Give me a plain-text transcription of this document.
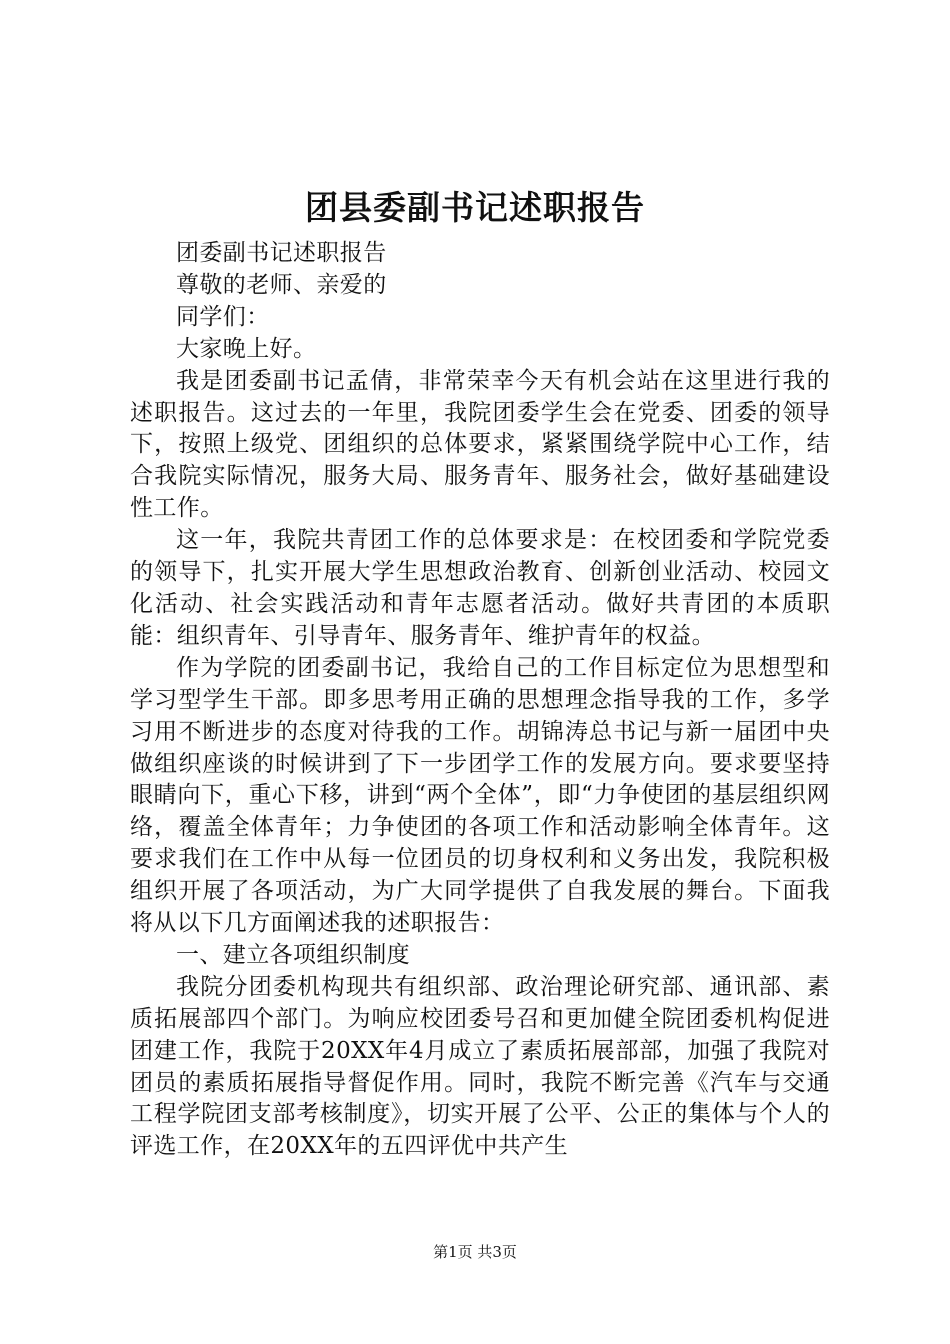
团县委副书记述职报告

团委副书记述职报告

尊敬的老师、亲爱的

同学们：

大家晚上好。

我是团委副书记孟倩，非常荣幸今天有机会站在这里进行我的述职报告。这过去的一年里，我院团委学生会在党委、团委的领导下，按照上级党、团组织的总体要求，紧紧围绕学院中心工作，结合我院实际情况，服务大局、服务青年、服务社会，做好基础建设性工作。

这一年，我院共青团工作的总体要求是：在校团委和学院党委的领导下，扎实开展大学生思想政治教育、创新创业活动、校园文化活动、社会实践活动和青年志愿者活动。做好共青团的本质职能：组织青年、引导青年、服务青年、维护青年的权益。

作为学院的团委副书记，我给自己的工作目标定位为思想型和学习型学生干部。即多思考用正确的思想理念指导我的工作，多学习用不断进步的态度对待我的工作。胡锦涛总书记与新一届团中央做组织座谈的时候讲到了下一步团学工作的发展方向。要求要坚持眼睛向下，重心下移，讲到“两个全体”，即“力争使团的基层组织网络，覆盖全体青年；力争使团的各项工作和活动影响全体青年。这要求我们在工作中从每一位团员的切身权利和义务出发，我院积极组织开展了各项活动，为广大同学提供了自我发展的舞台。下面我将从以下几方面阐述我的述职报告：

一、建立各项组织制度

我院分团委机构现共有组织部、政治理论研究部、通讯部、素质拓展部四个部门。为响应校团委号召和更加健全院团委机构促进团建工作，我院于20XX年4月成立了素质拓展部部，加强了我院对团员的素质拓展指导督促作用。同时，我院不断完善《汽车与交通工程学院团支部考核制度》，切实开展了公平、公正的集体与个人的评选工作，在20XX年的五四评优中共产生

第1页 共3页
